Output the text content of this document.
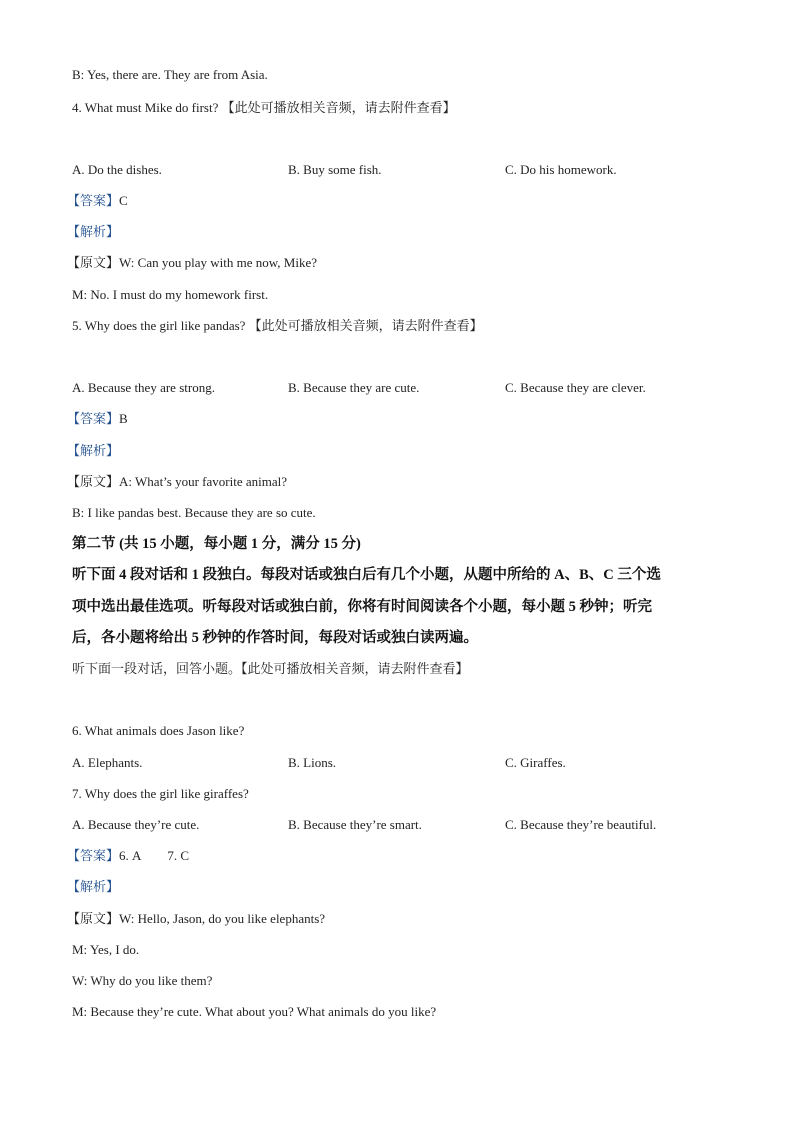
B: Yes, there are. They are from Asia.
4. What must Mike do first? 【此处可播放相关音频，请去附件查看】
A. Do the dishes.	B. Buy some fish.	C. Do his homework.
【答案】C
【解析】
【原文】W: Can you play with me now, Mike?
M: No. I must do my homework first.
5. Why does the girl like pandas? 【此处可播放相关音频，请去附件查看】
A. Because they are strong.	B. Because they are cute.	C. Because they are clever.
【答案】B
【解析】
【原文】A: What’s your favorite animal?
B: I like pandas best. Because they are so cute.
第二节 (共 15 小题，每小题 1 分，满分 15 分)
听下面 4 段对话和 1 段独白。每段对话或独白后有几个小题，从题中所给的 A、B、C 三个选
项中选出最佳选项。听每段对话或独白前，你将有时间阅读各个小题，每小题 5 秒钟；听完
后，各小题将给出 5 秒钟的作答时间，每段对话或独白读两遍。
听下面一段对话，回答小题。【此处可播放相关音频，请去附件查看】
6. What animals does Jason like?
A. Elephants.	B. Lions.	C. Giraffes.
7. Why does the girl like giraffes?
A. Because they’re cute.	B. Because they’re smart.	C. Because they’re beautiful.
【答案】6. A 7. C
【解析】
【原文】W: Hello, Jason, do you like elephants?
M: Yes, I do.
W: Why do you like them?
M: Because they’re cute. What about you? What animals do you like?
